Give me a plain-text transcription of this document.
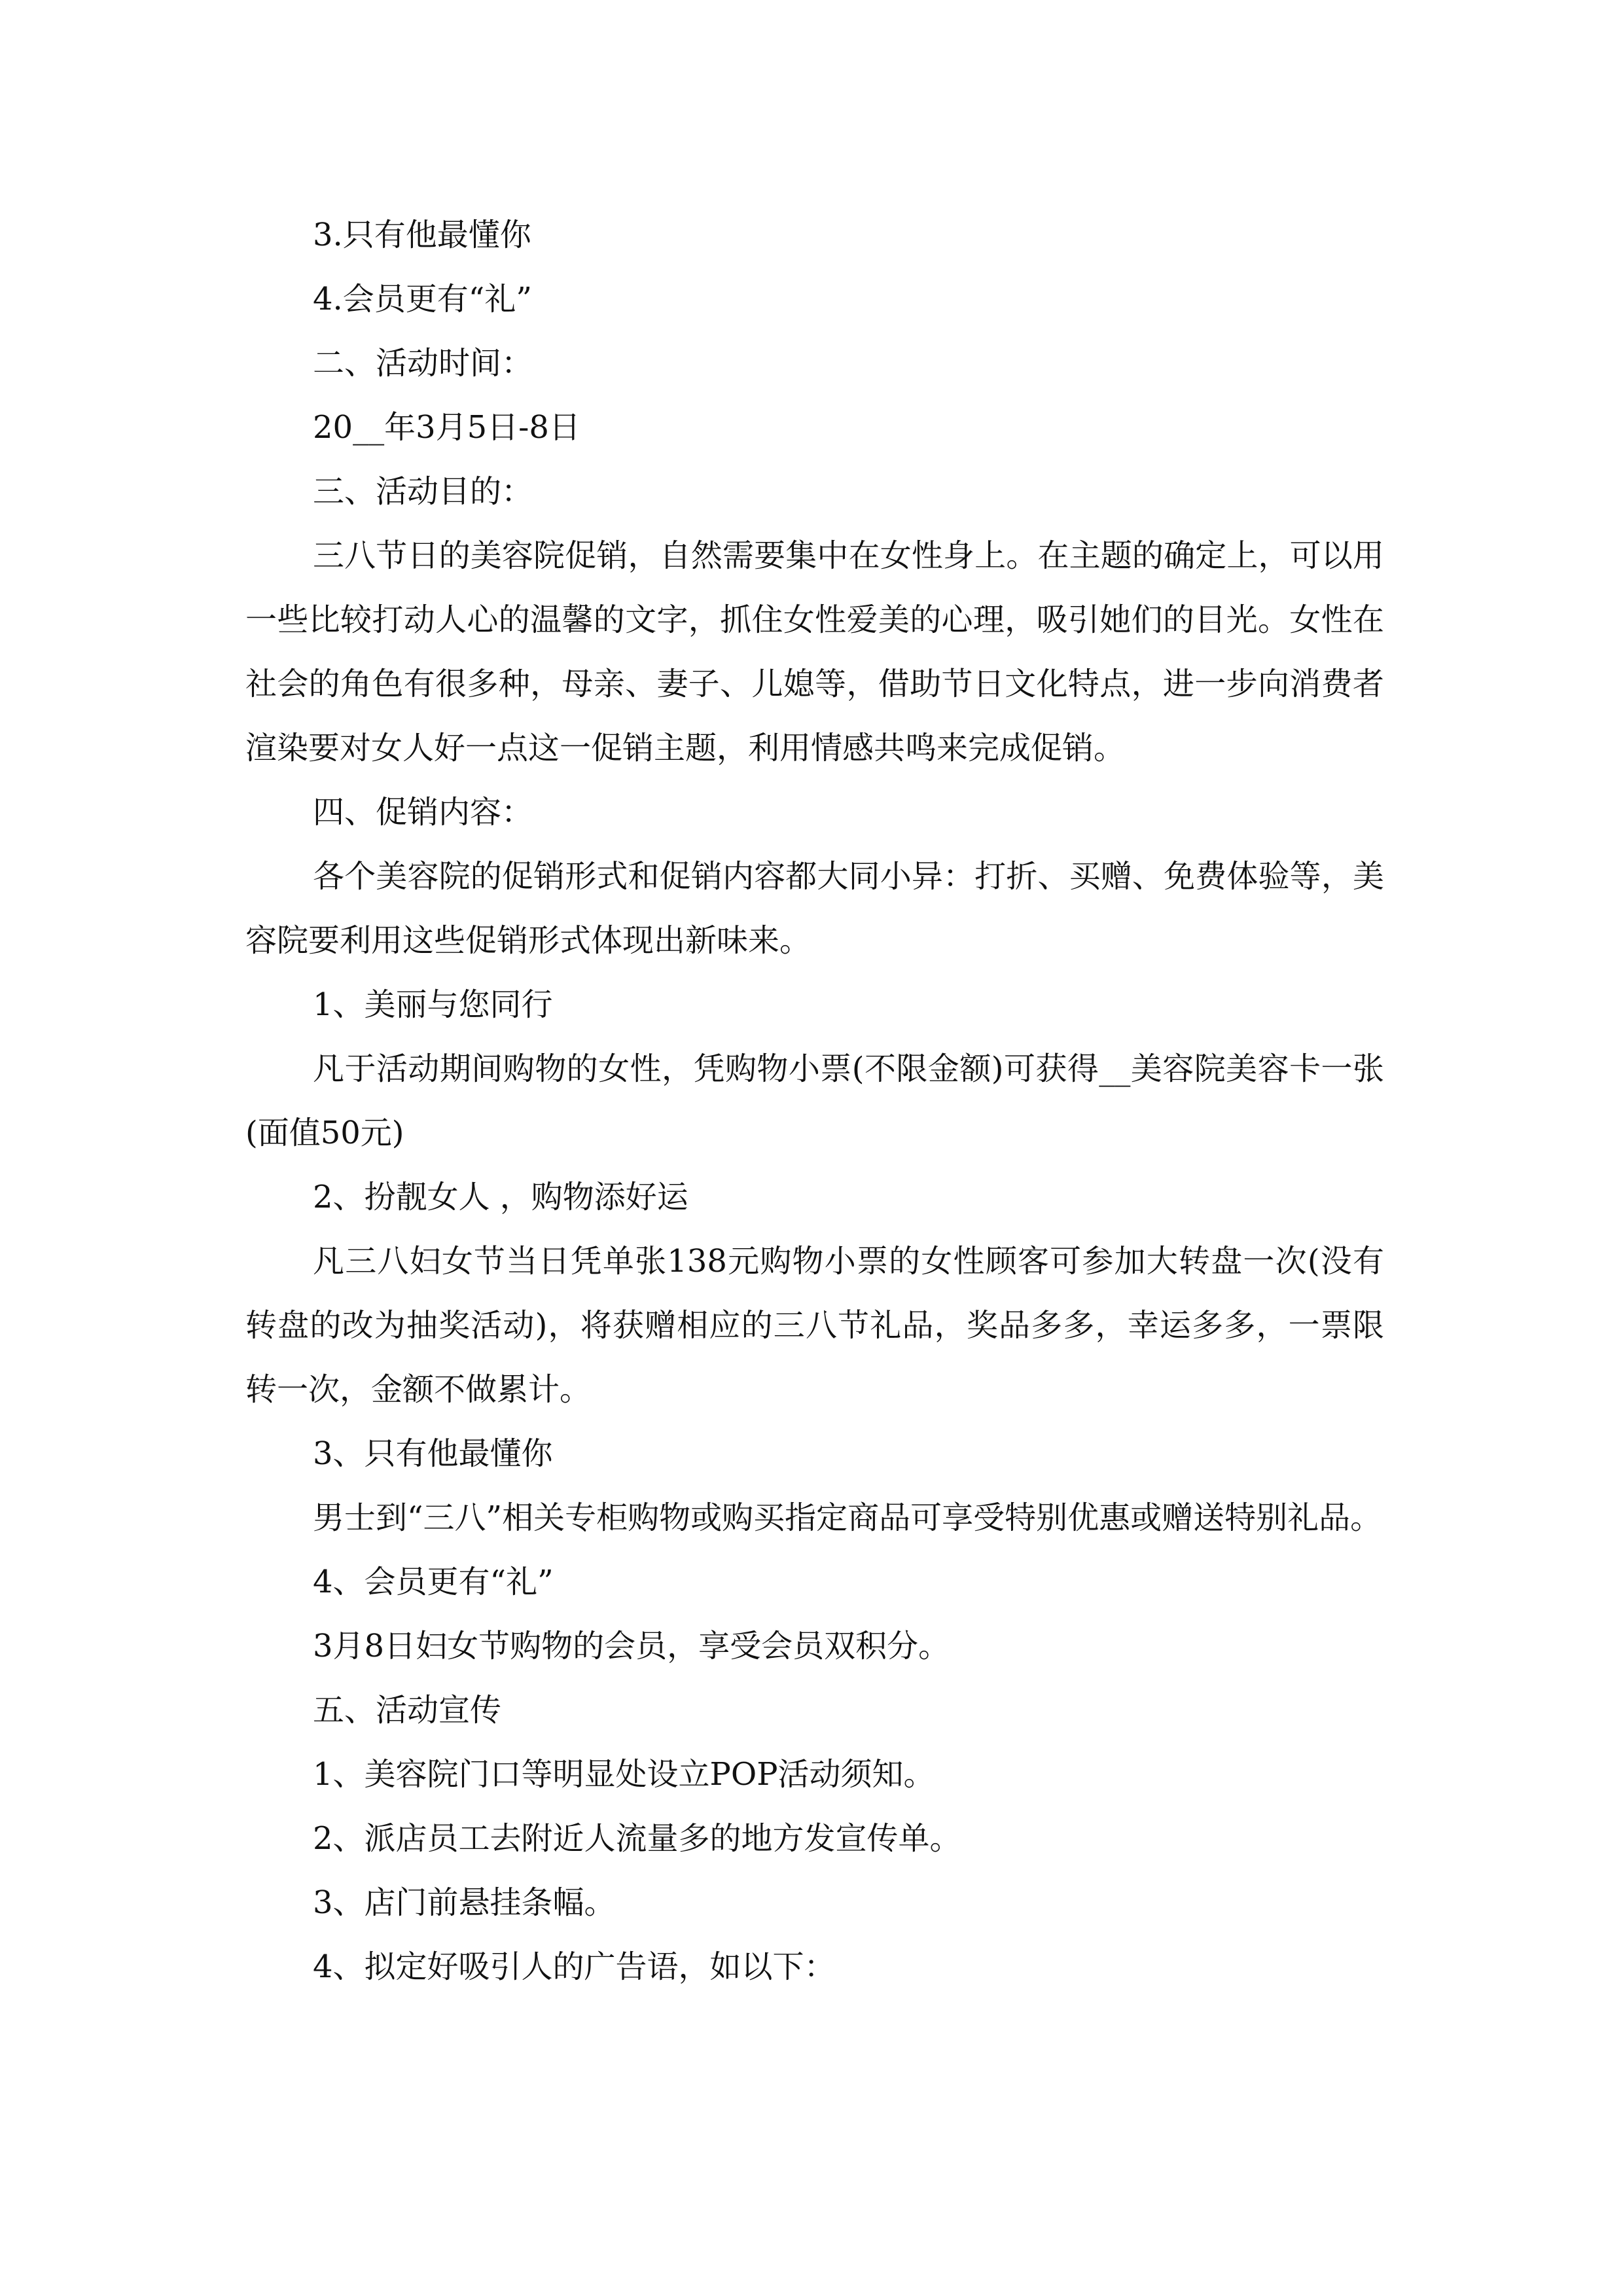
3.只有他最懂你

4.会员更有“礼”

二、活动时间：

20__年3月5日-8日

三、活动目的：

三八节日的美容院促销，自然需要集中在女性身上。在主题的确定上，可以用一些比较打动人心的温馨的文字，抓住女性爱美的心理，吸引她们的目光。女性在社会的角色有很多种，母亲、妻子、儿媳等，借助节日文化特点，进一步向消费者渲染要对女人好一点这一促销主题，利用情感共鸣来完成促销。

四、促销内容：

各个美容院的促销形式和促销内容都大同小异：打折、买赠、免费体验等，美容院要利用这些促销形式体现出新味来。

1、美丽与您同行

凡于活动期间购物的女性，凭购物小票(不限金额)可获得__美容院美容卡一张(面值50元)

2、扮靓女人 ，购物添好运

凡三八妇女节当日凭单张138元购物小票的女性顾客可参加大转盘一次(没有转盘的改为抽奖活动)，将获赠相应的三八节礼品，奖品多多，幸运多多，一票限转一次，金额不做累计。

3、只有他最懂你

男士到“三八”相关专柜购物或购买指定商品可享受特别优惠或赠送特别礼品。

4、会员更有“礼”

3月8日妇女节购物的会员，享受会员双积分。

五、活动宣传

1、美容院门口等明显处设立POP活动须知。

2、派店员工去附近人流量多的地方发宣传单。

3、店门前悬挂条幅。

4、拟定好吸引人的广告语，如以下：
